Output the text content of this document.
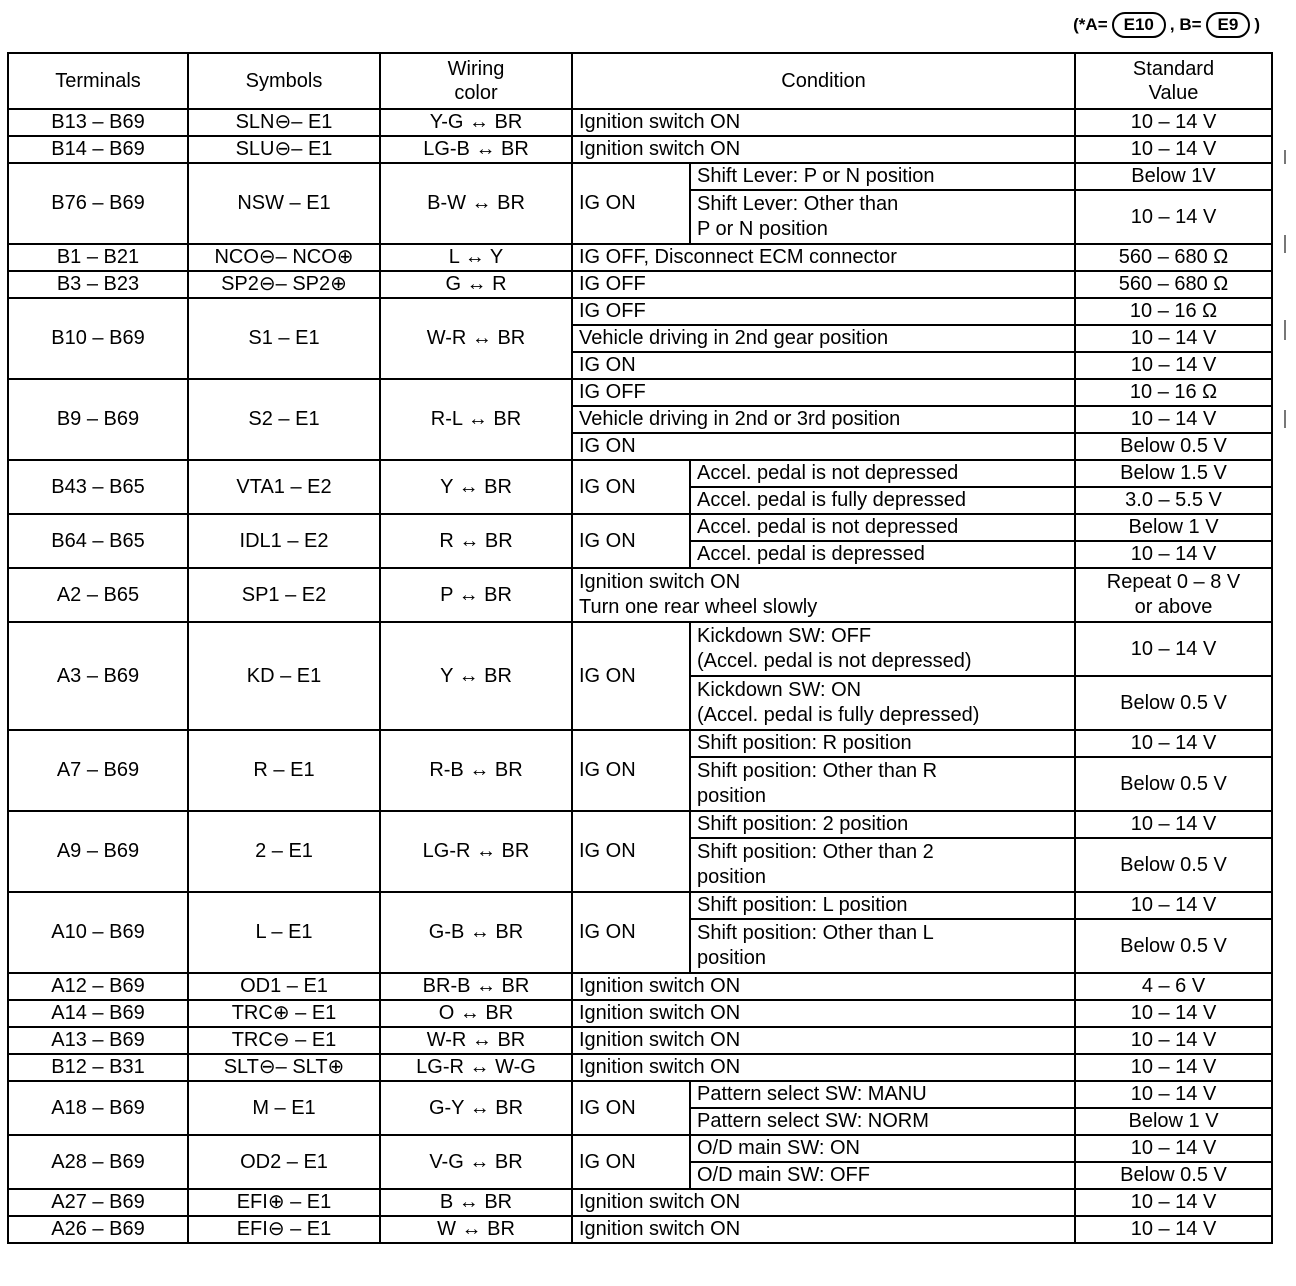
(*A= E10 , B= E9 )
Terminals	Symbols	Wiring
color	Condition		Standard
Value
B13 – B69	SLN⊖– E1	Y-G ↔ BR	Ignition switch ON		10 – 14 V
B14 – B69	SLU⊖– E1	LG-B ↔ BR	Ignition switch ON		10 – 14 V
B76 – B69	NSW – E1	B-W ↔ BR	IG ON	Shift Lever: P or N position	Below 1V
				Shift Lever: Other than
P or N position	10 – 14 V
B1 – B21	NCO⊖– NCO⊕	L ↔ Y	IG OFF, Disconnect ECM connector		560 – 680 Ω
B3 – B23	SP2⊖– SP2⊕	G ↔ R	IG OFF		560 – 680 Ω
B10 – B69	S1 – E1	W-R ↔ BR	IG OFF		10 – 16 Ω
			Vehicle driving in 2nd gear position		10 – 14 V
			IG ON		10 – 14 V
B9 – B69	S2 – E1	R-L ↔ BR	IG OFF		10 – 16 Ω
			Vehicle driving in 2nd or 3rd position		10 – 14 V
			IG ON		Below 0.5 V
B43 – B65	VTA1 – E2	Y ↔ BR	IG ON	Accel. pedal is not depressed	Below 1.5 V
				Accel. pedal is fully depressed	3.0 – 5.5 V
B64 – B65	IDL1 – E2	R ↔ BR	IG ON	Accel. pedal is not depressed	Below 1 V
				Accel. pedal is depressed	10 – 14 V
A2 – B65	SP1 – E2	P ↔ BR	Ignition switch ON
Turn one rear wheel slowly		Repeat 0 – 8 V
or above
A3 – B69	KD – E1	Y ↔ BR	IG ON	Kickdown SW: OFF
(Accel. pedal is not depressed)	10 – 14 V
				Kickdown SW: ON
(Accel. pedal is fully depressed)	Below 0.5 V
A7 – B69	R – E1	R-B ↔ BR	IG ON	Shift position: R position	10 – 14 V
				Shift position: Other than R
position	Below 0.5 V
A9 – B69	2 – E1	LG-R ↔ BR	IG ON	Shift position: 2 position	10 – 14 V
				Shift position: Other than 2
position	Below 0.5 V
A10 – B69	L – E1	G-B ↔ BR	IG ON	Shift position: L position	10 – 14 V
				Shift position: Other than L
position	Below 0.5 V
A12 – B69	OD1 – E1	BR-B ↔ BR	Ignition switch ON		4 – 6 V
A14 – B69	TRC⊕ – E1	O ↔ BR	Ignition switch ON		10 – 14 V
A13 – B69	TRC⊖ – E1	W-R ↔ BR	Ignition switch ON		10 – 14 V
B12 – B31	SLT⊖– SLT⊕	LG-R ↔ W-G	Ignition switch ON		10 – 14 V
A18 – B69	M – E1	G-Y ↔ BR	IG ON	Pattern select SW: MANU	10 – 14 V
				Pattern select SW: NORM	Below 1 V
A28 – B69	OD2 – E1	V-G ↔ BR	IG ON	O/D main SW: ON	10 – 14 V
				O/D main SW: OFF	Below 0.5 V
A27 – B69	EFI⊕ – E1	B ↔ BR	Ignition switch ON		10 – 14 V
A26 – B69	EFI⊖ – E1	W ↔ BR	Ignition switch ON		10 – 14 V
